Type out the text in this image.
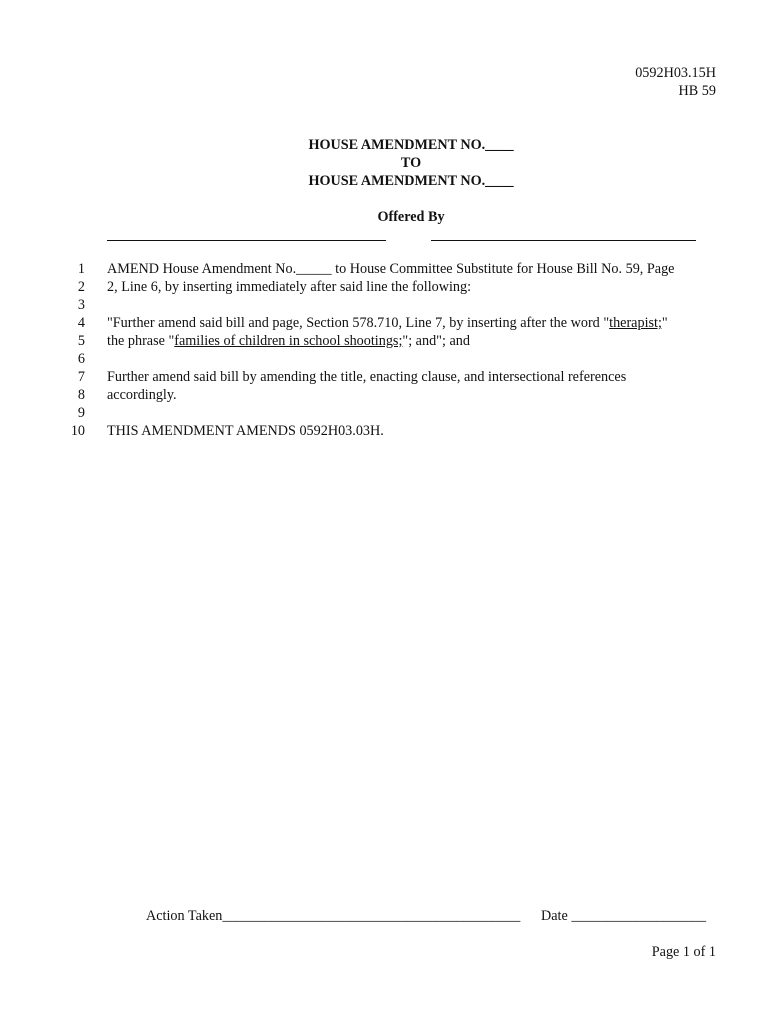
0592H03.15H
HB 59
HOUSE AMENDMENT NO.____
TO
HOUSE AMENDMENT NO.____
Offered By
1
2
3
4
5
6
7
8
9
10
AMEND House Amendment No._____ to House Committee Substitute for House Bill No. 59, Page
2, Line 6, by inserting immediately after said line the following:
"Further amend said bill and page, Section 578.710, Line 7, by inserting after the word "therapist;"
the phrase "families of children in school shootings;"; and"; and
Further amend said bill by amending the title, enacting clause, and intersectional references
accordingly.
THIS AMENDMENT AMENDS 0592H03.03H.
Action Taken__________________________________________ Date ___________________
Page 1 of 1
